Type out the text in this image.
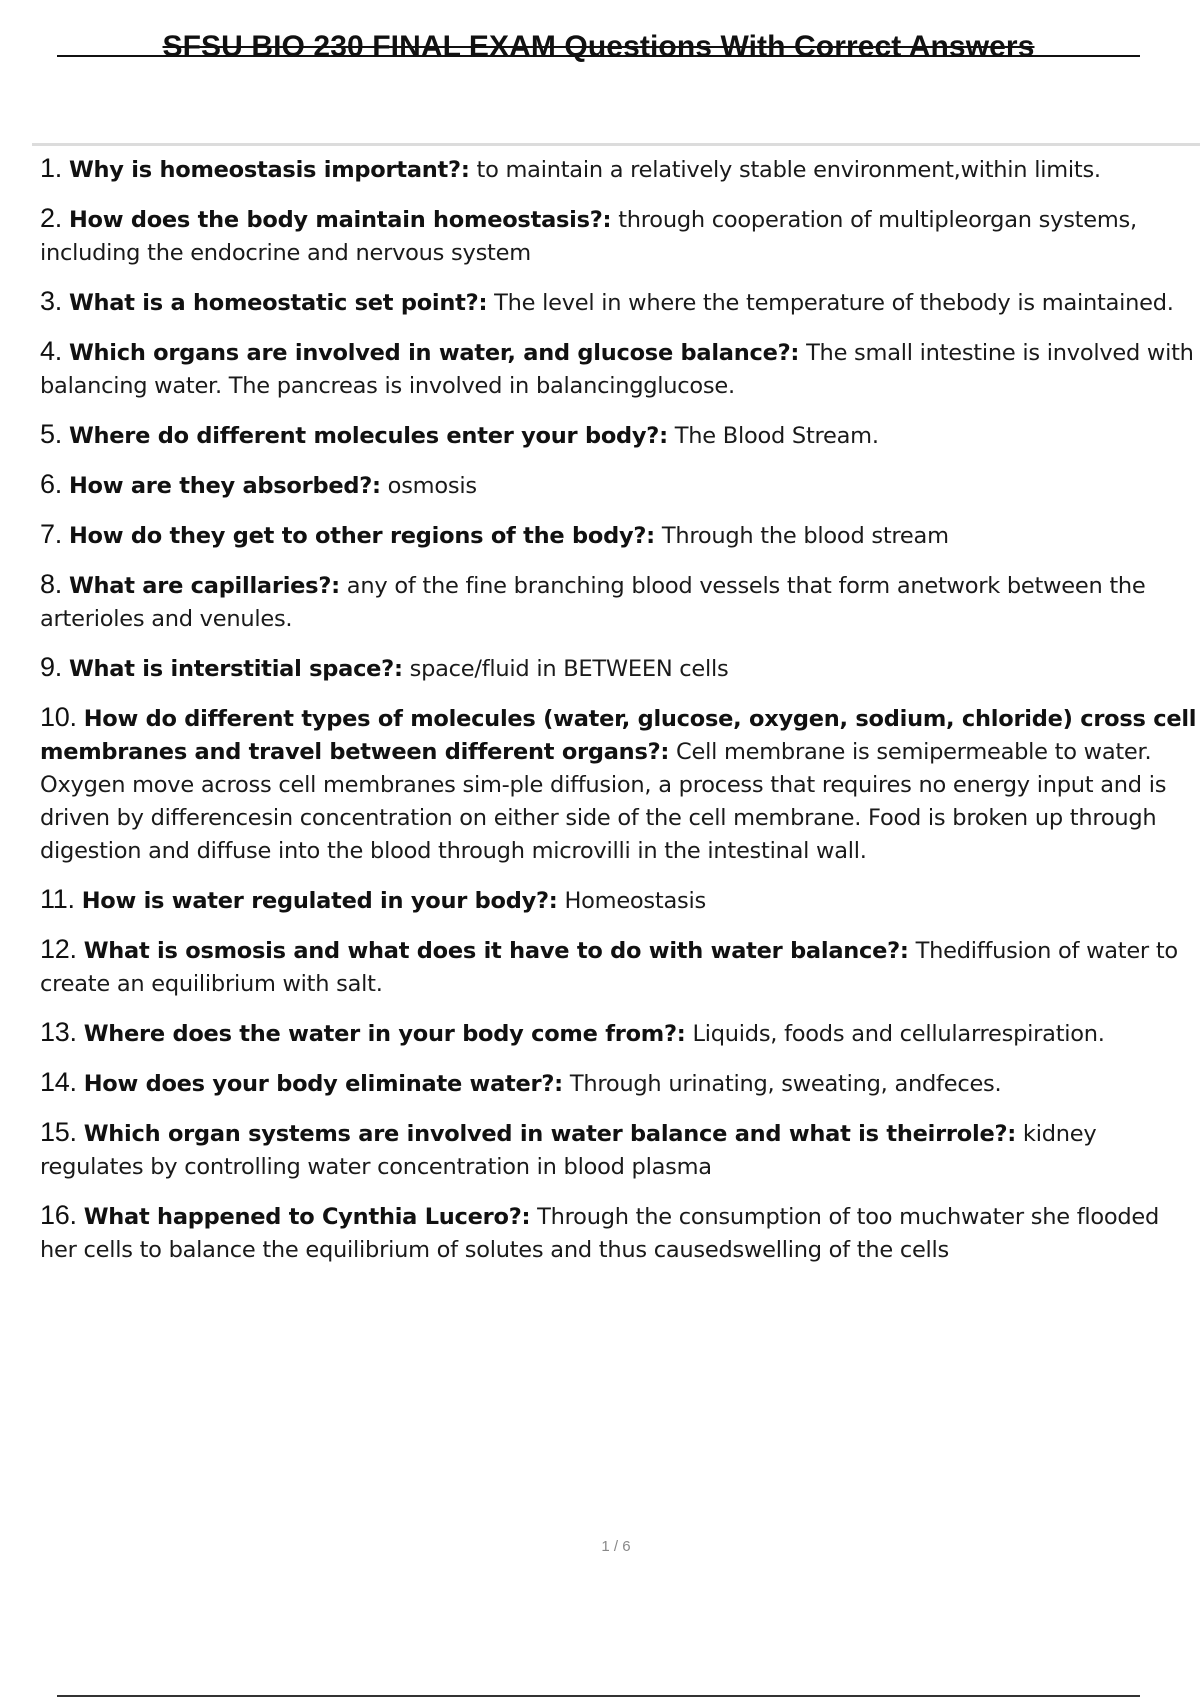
SFSU BIO 230 FINAL EXAM Questions With Correct Answers
1. Why is homeostasis important?: to maintain a relatively stable environment,within limits.
2. How does the body maintain homeostasis?: through cooperation of multipleorgan systems, including the endocrine and nervous system
3. What is a homeostatic set point?: The level in where the temperature of thebody is maintained.
4. Which organs are involved in water, and glucose balance?: The small intestine is involved with balancing water. The pancreas is involved in balancingglucose.
5. Where do different molecules enter your body?: The Blood Stream.
6. How are they absorbed?: osmosis
7. How do they get to other regions of the body?: Through the blood stream
8. What are capillaries?: any of the fine branching blood vessels that form anetwork between the arterioles and venules.
9. What is interstitial space?: space/fluid in BETWEEN cells
10. How do different types of molecules (water, glucose, oxygen, sodium, chloride) cross cell membranes and travel between different organs?: Cell membrane is semipermeable to water. Oxygen move across cell membranes sim-ple diffusion, a process that requires no energy input and is driven by differencesin concentration on either side of the cell membrane. Food is broken up through digestion and diffuse into the blood through microvilli in the intestinal wall.
11. How is water regulated in your body?: Homeostasis
12. What is osmosis and what does it have to do with water balance?: Thediffusion of water to create an equilibrium with salt.
13. Where does the water in your body come from?: Liquids, foods and cellularrespiration.
14. How does your body eliminate water?: Through urinating, sweating, andfeces.
15. Which organ systems are involved in water balance and what is theirrole?: kidney regulates by controlling water concentration in blood plasma
16. What happened to Cynthia Lucero?: Through the consumption of too muchwater she flooded her cells to balance the equilibrium of solutes and thus causedswelling of the cells
1 / 6
